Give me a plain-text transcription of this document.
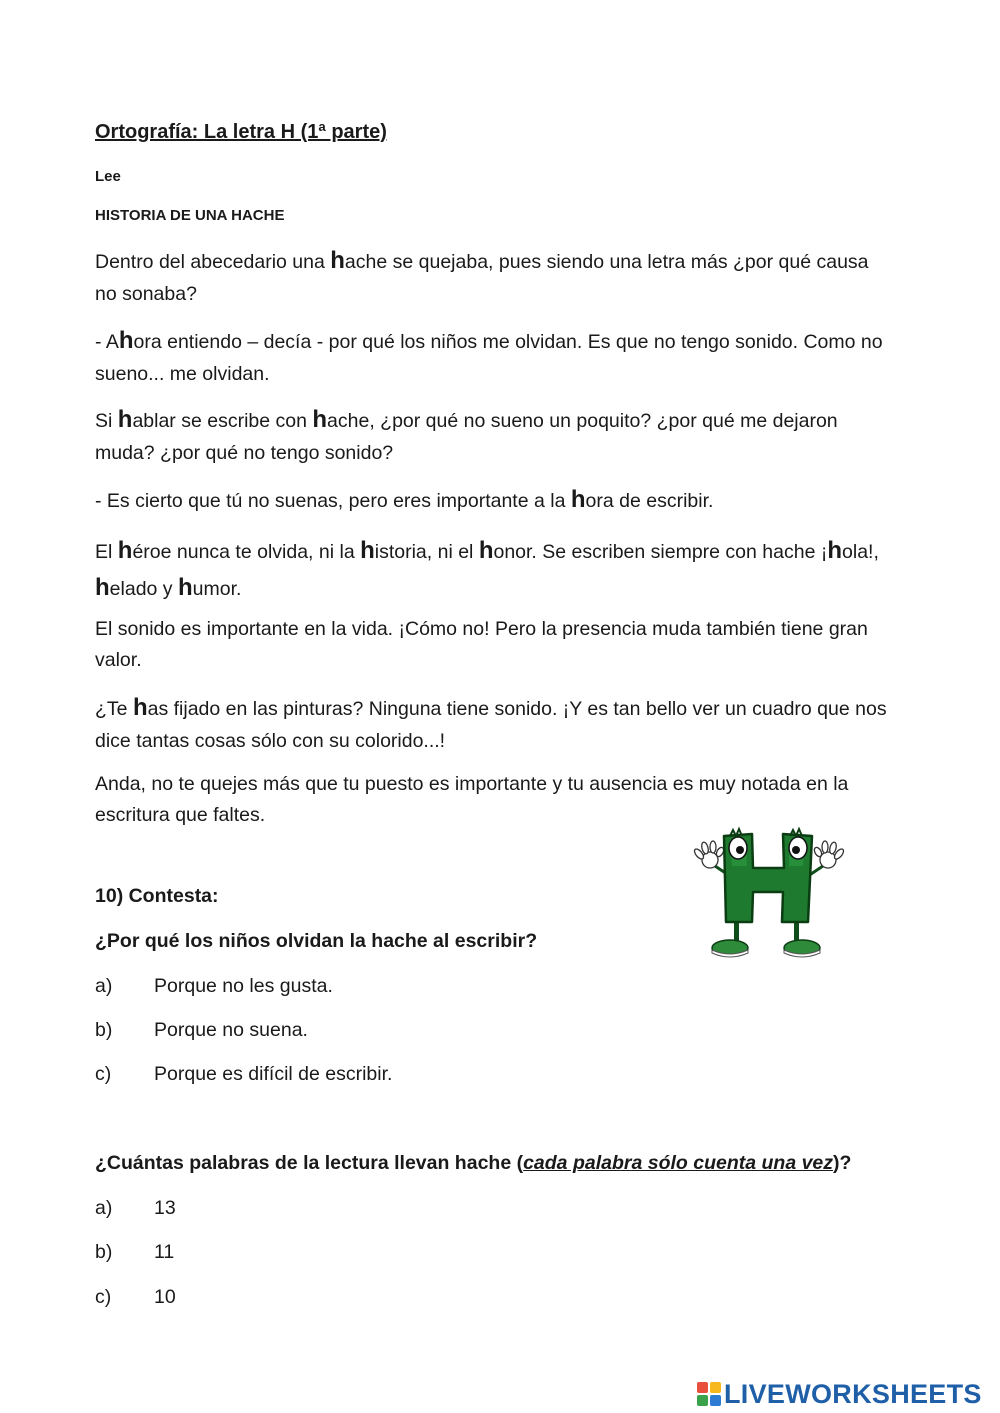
Ortografía: La letra H (1ª parte)

Lee

HISTORIA DE UNA HACHE

Dentro del abecedario una hache se quejaba, pues siendo una letra más ¿por qué causa no sonaba?

- Ahora entiendo – decía - por qué los niños me olvidan. Es que no tengo sonido. Como no sueno... me olvidan.

Si hablar se escribe con hache, ¿por qué no sueno un poquito? ¿por qué me dejaron muda? ¿por qué no tengo sonido?

- Es cierto que tú no suenas, pero eres importante a la hora de escribir.

El héroe nunca te olvida, ni la historia, ni el honor. Se escriben siempre con hache ¡hola!, helado y humor.

El sonido es importante en la vida. ¡Cómo no! Pero la presencia muda también tiene gran valor.

¿Te has fijado en las pinturas? Ninguna tiene sonido. ¡Y es tan bello ver un cuadro que nos dice tantas cosas sólo con su colorido...!

Anda, no te quejes más que tu puesto es importante y tu ausencia es muy notada en la escritura que faltes.

10) Contesta:

¿Por qué los niños olvidan la hache al escribir?

a) Porque no les gusta.

b) Porque no suena.

c) Porque es difícil de escribir.

¿Cuántas palabras de la lectura llevan hache (cada palabra sólo cuenta una vez)?

a) 13

b) 11

c) 10

LIVEWORKSHEETS
